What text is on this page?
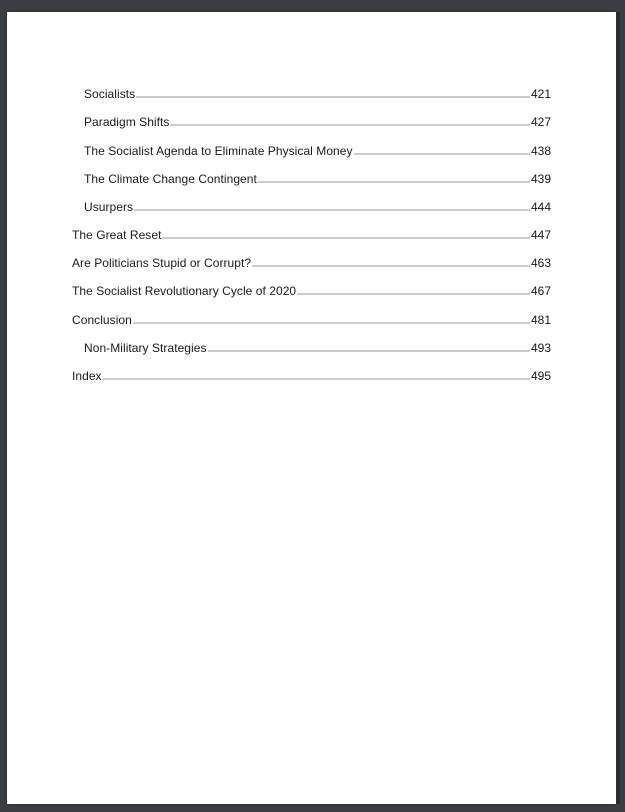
Socialists	421
Paradigm Shifts	427
The Socialist Agenda to Eliminate Physical Money	438
The Climate Change Contingent	439
Usurpers	444
The Great Reset	447
Are Politicians Stupid or Corrupt?	463
The Socialist Revolutionary Cycle of 2020	467
Conclusion	481
Non-Military Strategies	493
Index	495
